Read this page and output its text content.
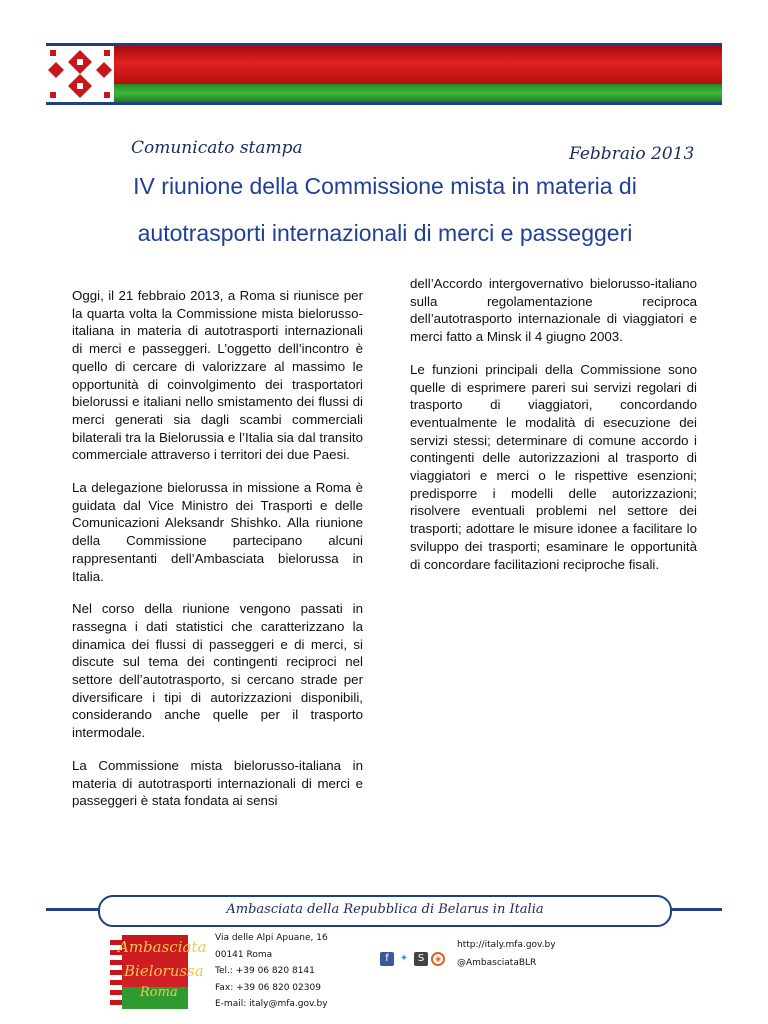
Comunicato stampa	Febbraio 2013
IV riunione della Commissione mista in materia di
autotrasporti internazionali di merci e passeggeri

Oggi, il 21 febbraio 2013, a Roma si riunisce per la quarta volta la Commissione mista bielorusso-italiana in materia di autotrasporti internazionali di merci e passeggeri. L’oggetto dell’incontro è quello di cercare di valorizzare al massimo le opportunità di coinvolgimento dei trasportatori bielorussi e italiani nello smistamento dei flussi di merci generati sia dagli scambi commerciali bilaterali tra la Bielorussia e l’Italia sia dal transito commerciale attraverso i territori dei due Paesi.

La delegazione bielorussa in missione a Roma è guidata dal Vice Ministro dei Trasporti e delle Comunicazioni Aleksandr Shishko. Alla riunione della Commissione partecipano alcuni rappresentanti dell’Ambasciata bielorussa in Italia.

Nel corso della riunione vengono passati in rassegna i dati statistici che caratterizzano la dinamica dei flussi di passeggeri e di merci, si discute sul tema dei contingenti reciproci nel settore dell’autotrasporto, si cercano strade per diversificare i tipi di autorizzazioni disponibili, considerando anche quelle per il trasporto intermodale.

La Commissione mista bielorusso-italiana in materia di autotrasporti internazionali di merci e passeggeri è stata fondata ai sensi

dell’Accordo intergovernativo bielorusso-italiano sulla regolamentazione reciproca dell’autotrasporto internazionale di viaggiatori e merci fatto a Minsk il 4 giugno 2003.

Le funzioni principali della Commissione sono quelle di esprimere pareri sui servizi regolari di trasporto di viaggiatori, concordando eventualmente le modalità di esecuzione dei servizi stessi; determinare di comune accordo i contingenti delle autorizzazioni al trasporto di viaggiatori e merci o le rispettive esenzioni; predisporre i modelli delle autorizzazioni; risolvere eventuali problemi nel settore dei trasporti; adottare le misure idonee a facilitare lo sviluppo dei trasporti; esaminare le opportunità di concordare facilitazioni reciproche fisali.

Ambasciata della Repubblica di Belarus in Italia
Ambasciata
Bielorussa
Roma
Via delle Alpi Apuane, 16
00141 Roma
Tel.: +39 06 820 8141
Fax: +39 06 820 02309
E-mail: italy@mfa.gov.by
f	✦ S	◉
http://italy.mfa.gov.by
@AmbasciataBLR
